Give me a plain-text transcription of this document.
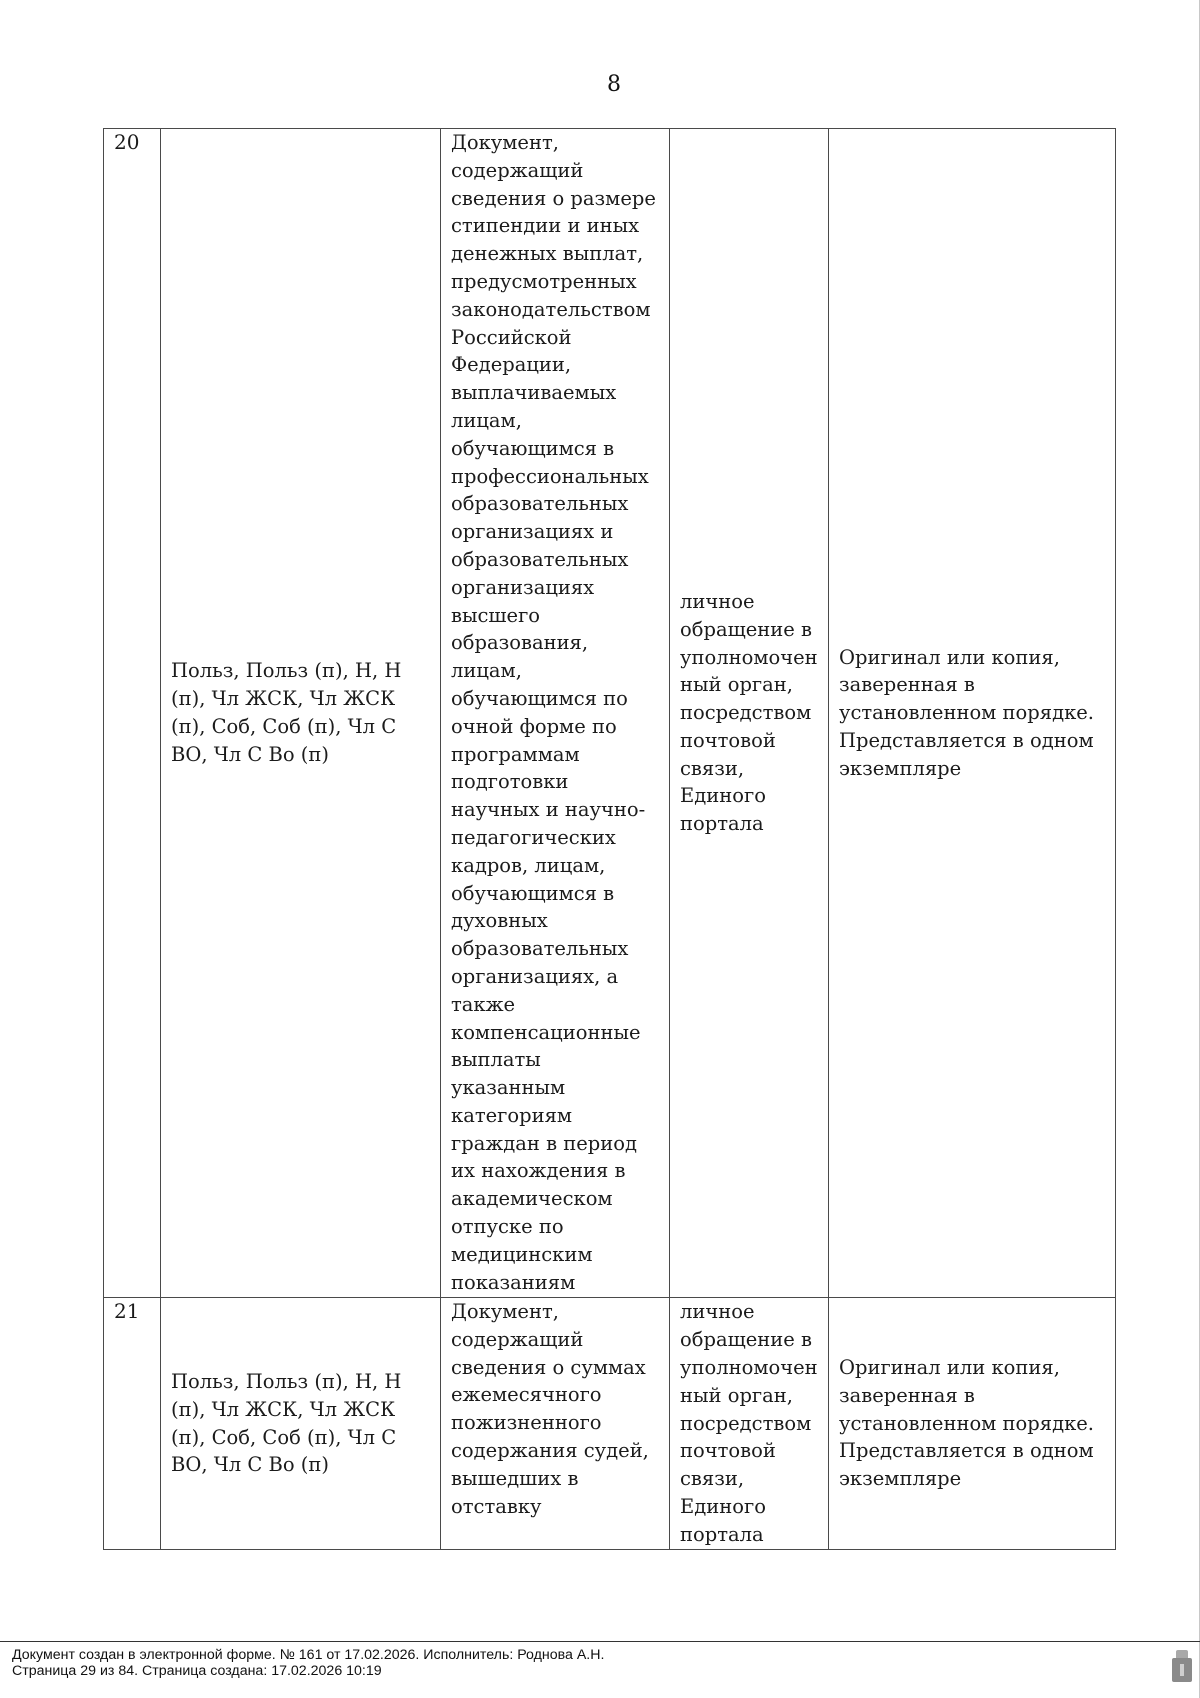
8
20	Польз, Польз (п), Н, Н (п), Чл ЖСК, Чл ЖСК (п), Соб, Соб (п), Чл С ВО, Чл С Во (п)	Документ, содержащий сведения о размере стипендии и иных денежных выплат, предусмотренных законодательством Российской Федерации, выплачиваемых лицам, обучающимся в профессиональных образовательных организациях и образовательных организациях высшего образования, лицам, обучающимся по очной форме по программам подготовки научных и научно-педагогических кадров, лицам, обучающимся в духовных образовательных организациях, а также компенсационные выплаты указанным категориям граждан в период их нахождения в академическом отпуске по медицинским показаниям	личное обращение в уполномочен ный орган, посредством почтовой связи, Единого портала	Оригинал или копия, заверенная в установленном порядке. Представляется в одном экземпляре
21	Польз, Польз (п), Н, Н (п), Чл ЖСК, Чл ЖСК (п), Соб, Соб (п), Чл С ВО, Чл С Во (п)	Документ, содержащий сведения о суммах ежемесячного пожизненного содержания судей, вышедших в отставку	личное обращение в уполномочен ный орган, посредством почтовой связи, Единого портала	Оригинал или копия, заверенная в установленном порядке. Представляется в одном экземпляре
Документ создан в электронной форме. № 161 от 17.02.2026. Исполнитель: Роднова А.Н.
Страница 29 из 84. Страница создана: 17.02.2026 10:19
